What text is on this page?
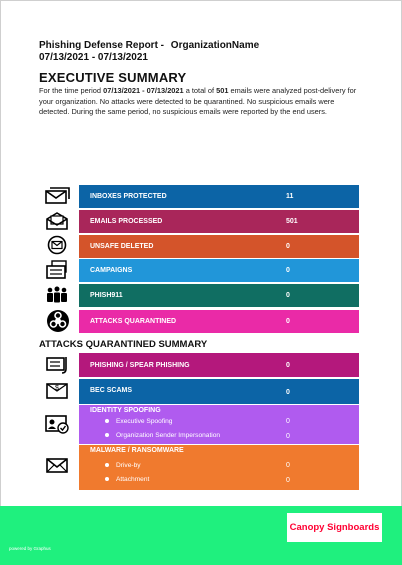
Phishing Defense Report - OrganizationName
07/13/2021 - 07/13/2021
EXECUTIVE SUMMARY
For the time period 07/13/2021 - 07/13/2021 a total of 501 emails were analyzed post-delivery for your organization. No attacks were detected to be quarantined. No suspicious emails were detected. During the same period, no suspicious emails were reported by the end users.
INBOXES PROTECTED	11
EMAILS PROCESSED	501
UNSAFE DELETED	0
CAMPAIGNS	0
PHISH911	0
ATTACKS QUARANTINED	0
ATTACKS QUARANTINED SUMMARY
PHISHING / SPEAR PHISHING	0
$	BEC SCAMS	0
IDENTITY SPOOFING
Executive Spoofing	0
Organization Sender Impersonation	0
MALWARE / RANSOMWARE
Drive-by	0
Attachment	0
powered by Graphus
Canopy Signboards
